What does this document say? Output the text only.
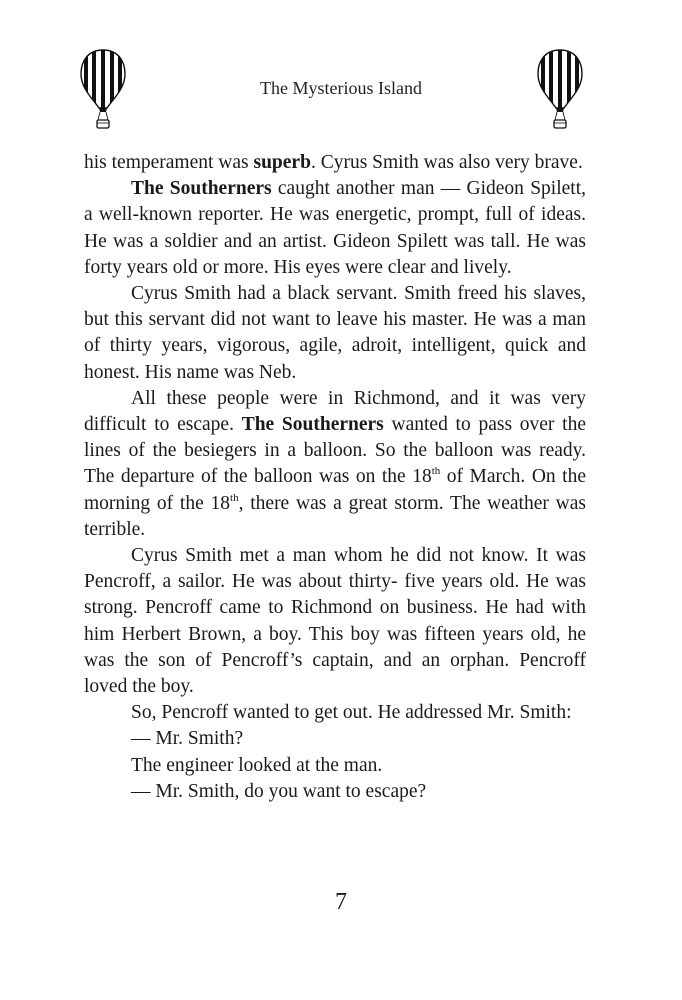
The Mysterious Island

his temperament was superb. Cyrus Smith was also very brave.

The Southerners caught another man — Gideon Spilett, a well-known reporter. He was energetic, prompt, full of ideas. He was a soldier and an artist. Gideon Spilett was tall. He was forty years old or more. His eyes were clear and lively.

Cyrus Smith had a black servant. Smith freed his slaves, but this servant did not want to leave his master. He was a man of thirty years, vigorous, agile, adroit, intelligent, quick and honest. His name was Neb.

All these people were in Richmond, and it was very difficult to escape. The Southerners wanted to pass over the lines of the besiegers in a balloon. So the balloon was ready. The departure of the balloon was on the 18th of March. On the morning of the 18th, there was a great storm. The weather was terrible.

Cyrus Smith met a man whom he did not know. It was Pencroff, a sailor. He was about thirty- five years old. He was strong. Pencroff came to Richmond on business. He had with him Herbert Brown, a boy. This boy was fifteen years old, he was the son of Pencroff’s captain, and an orphan. Pencroff loved the boy.

So, Pencroff wanted to get out. He addressed Mr. Smith:

— Mr. Smith?

The engineer looked at the man.

— Mr. Smith, do you want to escape?

7
